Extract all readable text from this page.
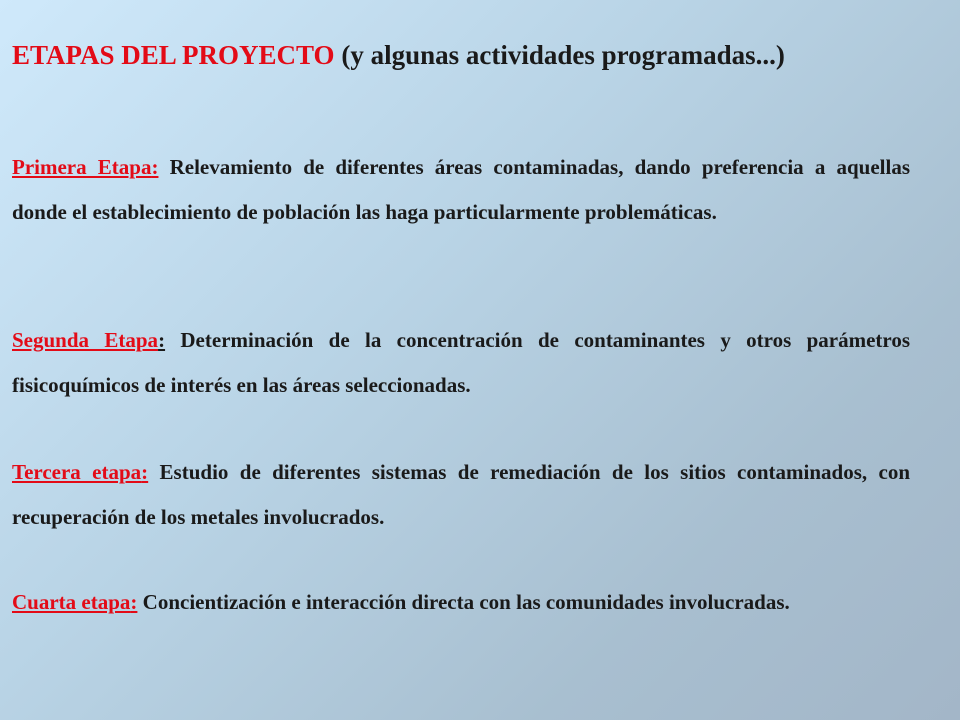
ETAPAS DEL PROYECTO (y algunas actividades programadas...)
Primera Etapa: Relevamiento de diferentes áreas contaminadas, dando preferencia a aquellas donde el establecimiento de población las haga particularmente problemáticas.
Segunda Etapa: Determinación de la concentración de contaminantes y otros parámetros fisicoquímicos de interés en las áreas seleccionadas.
Tercera etapa: Estudio de diferentes sistemas de remediación de los sitios contaminados, con recuperación de los metales involucrados.
Cuarta etapa: Concientización e interacción directa con las comunidades involucradas.
